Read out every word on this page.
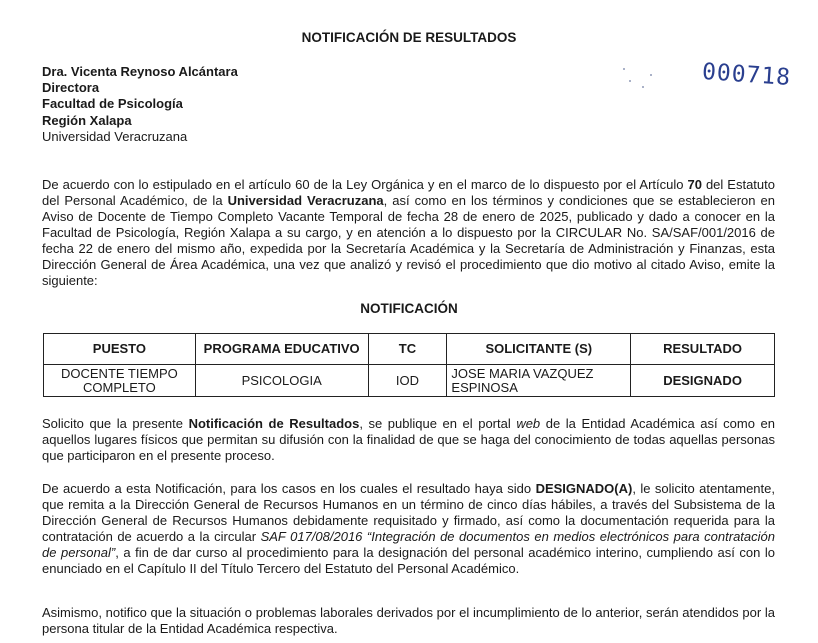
NOTIFICACIÓN DE RESULTADOS
000718
Dra. Vicenta Reynoso Alcántara
Directora
Facultad de Psicología
Región Xalapa
Universidad Veracruzana

De acuerdo con lo estipulado en el artículo 60 de la Ley Orgánica y en el marco de lo dispuesto por el Artículo 70 del Estatuto del Personal Académico, de la Universidad Veracruzana, así como en los términos y condiciones que se establecieron en Aviso de Docente de Tiempo Completo Vacante Temporal de fecha 28 de enero de 2025, publicado y dado a conocer en la Facultad de Psicología, Región Xalapa a su cargo, y en atención a lo dispuesto por la CIRCULAR No. SA/SAF/001/2016 de fecha 22 de enero del mismo año, expedida por la Secretaría Académica y la Secretaría de Administración y Finanzas, esta Dirección General de Área Académica, una vez que analizó y revisó el procedimiento que dio motivo al citado Aviso, emite la siguiente:

NOTIFICACIÓN
PUESTO	PROGRAMA EDUCATIVO	TC	SOLICITANTE (S)	RESULTADO
DOCENTE TIEMPO COMPLETO	PSICOLOGIA	IOD	JOSE MARIA VAZQUEZ ESPINOSA	DESIGNADO

Solicito que la presente Notificación de Resultados, se publique en el portal web de la Entidad Académica así como en aquellos lugares físicos que permitan su difusión con la finalidad de que se haga del conocimiento de todas aquellas personas que participaron en el presente proceso.

De acuerdo a esta Notificación, para los casos en los cuales el resultado haya sido DESIGNADO(A), le solicito atentamente, que remita a la Dirección General de Recursos Humanos en un término de cinco días hábiles, a través del Subsistema de la Dirección General de Recursos Humanos debidamente requisitado y firmado, así como la documentación requerida para la contratación de acuerdo a la circular SAF 017/08/2016 “Integración de documentos en medios electrónicos para contratación de personal”, a fin de dar curso al procedimiento para la designación del personal académico interino, cumpliendo así con lo enunciado en el Capítulo II del Título Tercero del Estatuto del Personal Académico.

Asimismo, notifico que la situación o problemas laborales derivados por el incumplimiento de lo anterior, serán atendidos por la persona titular de la Entidad Académica respectiva.
